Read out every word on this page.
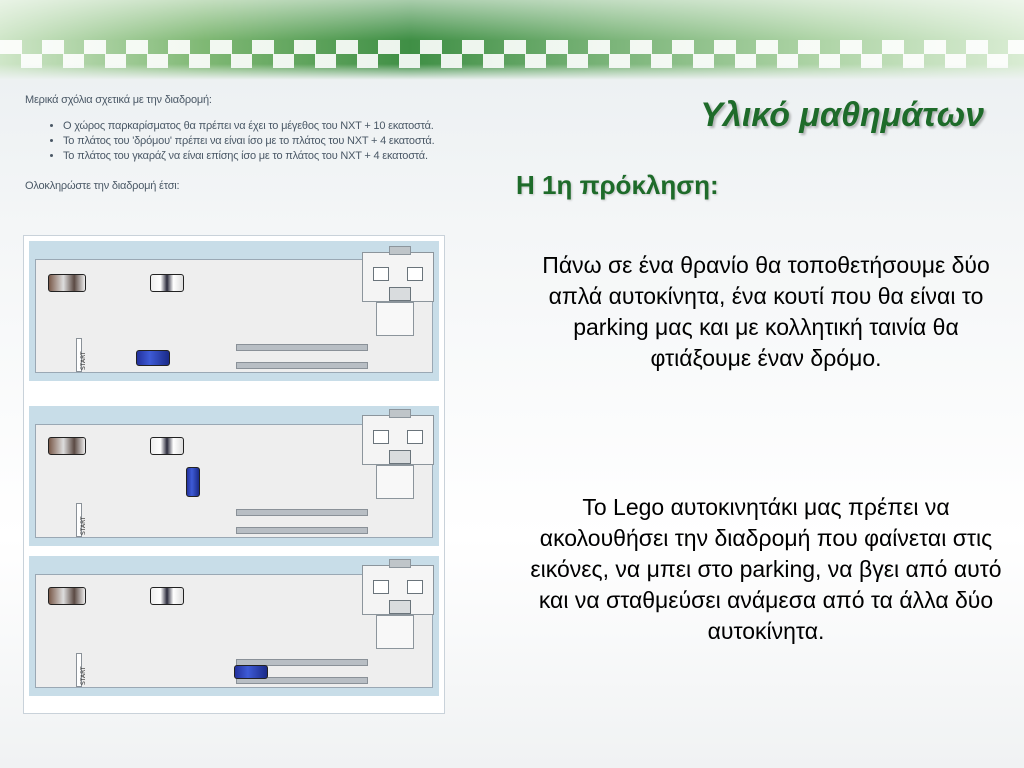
Μερικά σχόλια σχετικά με την διαδρομή:

• Ο χώρος παρκαρίσματος θα πρέπει να έχει το μέγεθος του NXT + 10 εκατοστά.
• Το πλάτος του 'δρόμου' πρέπει να είναι ίσο με το πλάτος του NXT + 4 εκατοστά.
• Το πλάτος του γκαράζ να είναι επίσης ίσο με το πλάτος του NXT + 4 εκατοστά.

Ολοκληρώστε την διαδρομή έτσι:

Υλικό μαθημάτων
Η 1η πρόκληση:
Πάνω σε ένα θρανίο θα τοποθετήσουμε δύο απλά αυτοκίνητα, ένα κουτί που θα είναι το parking μας και με κολλητική ταινία θα φτιάξουμε έναν δρόμο.
Το Lego αυτοκινητάκι μας πρέπει να ακολουθήσει την διαδρομή που φαίνεται στις εικόνες, να μπει στο parking, να βγει από αυτό και να σταθμεύσει ανάμεσα από τα άλλα δύο αυτοκίνητα.
START
START
START
